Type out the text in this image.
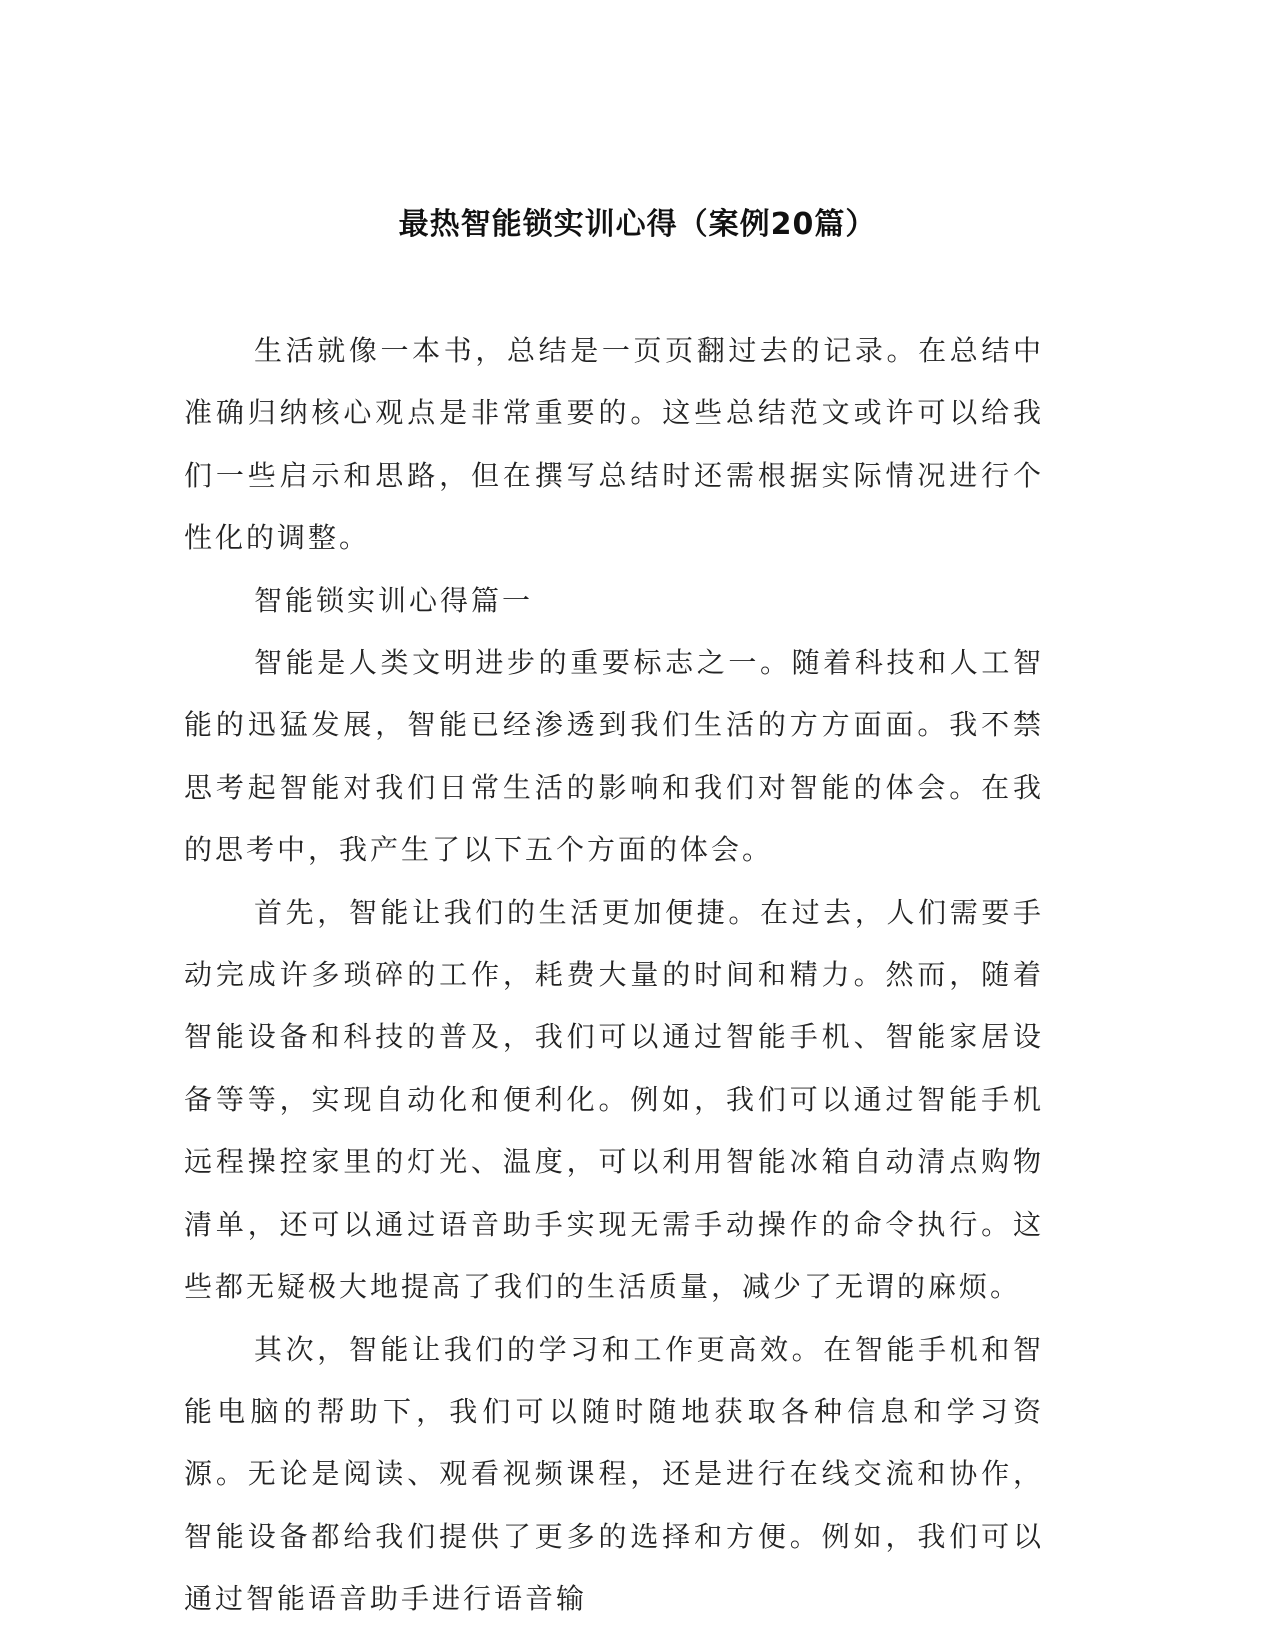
最热智能锁实训心得（案例20篇）

生活就像一本书，总结是一页页翻过去的记录。在总结中准确归纳核心观点是非常重要的。这些总结范文或许可以给我们一些启示和思路，但在撰写总结时还需根据实际情况进行个性化的调整。

智能锁实训心得篇一

智能是人类文明进步的重要标志之一。随着科技和人工智能的迅猛发展，智能已经渗透到我们生活的方方面面。我不禁思考起智能对我们日常生活的影响和我们对智能的体会。在我的思考中，我产生了以下五个方面的体会。

首先，智能让我们的生活更加便捷。在过去，人们需要手动完成许多琐碎的工作，耗费大量的时间和精力。然而，随着智能设备和科技的普及，我们可以通过智能手机、智能家居设备等等，实现自动化和便利化。例如，我们可以通过智能手机远程操控家里的灯光、温度，可以利用智能冰箱自动清点购物清单，还可以通过语音助手实现无需手动操作的命令执行。这些都无疑极大地提高了我们的生活质量，减少了无谓的麻烦。

其次，智能让我们的学习和工作更高效。在智能手机和智能电脑的帮助下，我们可以随时随地获取各种信息和学习资源。无论是阅读、观看视频课程，还是进行在线交流和协作，智能设备都给我们提供了更多的选择和方便。例如，我们可以通过智能语音助手进行语音输
